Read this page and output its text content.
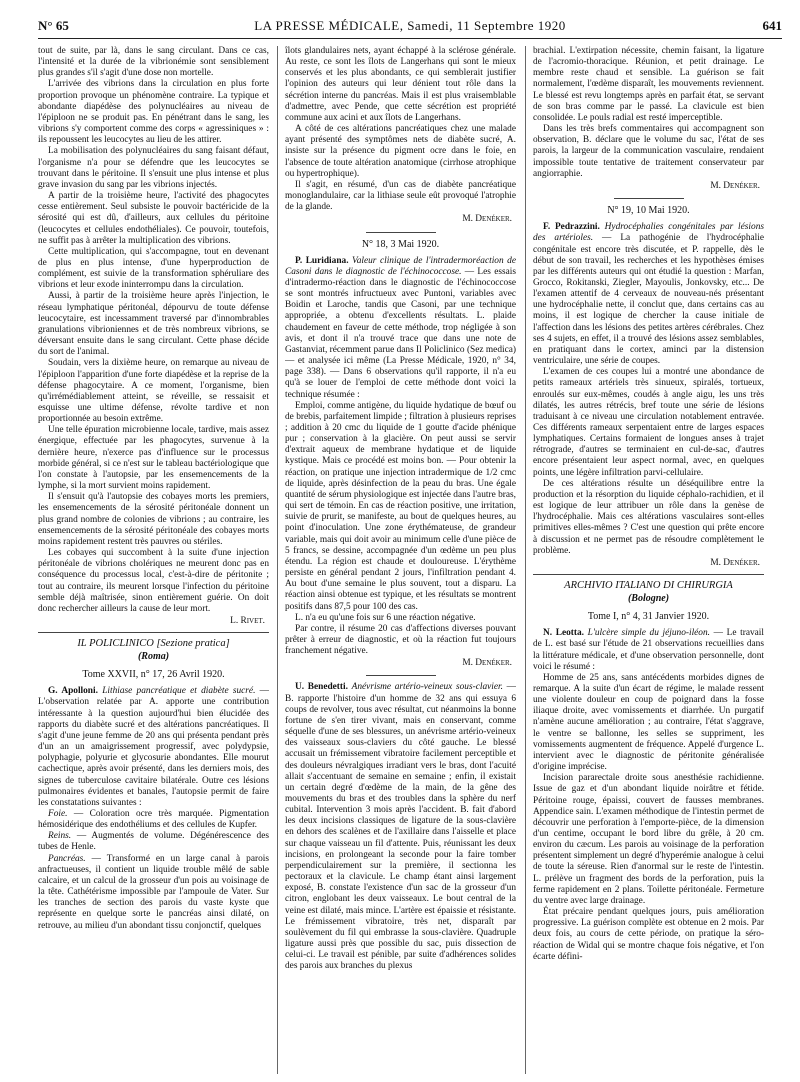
N° 65	LA PRESSE MÉDICALE, Samedi, 11 Septembre 1920	641

tout de suite, par là, dans le sang circulant. Dans ce cas, l'intensité et la durée de la vibrionémie sont sensiblement plus grandes s'il s'agit d'une dose non mortelle.

L'arrivée des vibrions dans la circulation en plus forte proportion provoque un phénomène contraire. La typique et abondante diapédèse des polynucléaires au niveau de l'épiploon ne se produit pas. En pénétrant dans le sang, les vibrions s'y comportent comme des corps « agressiniques » : ils repoussent les leucocytes au lieu de les attirer.

La mobilisation des polynucléaires du sang faisant défaut, l'organisme n'a pour se défendre que les leucocytes se trouvant dans le péritoine. Il s'ensuit une plus intense et plus grave invasion du sang par les vibrions injectés.

A partir de la troisième heure, l'activité des phagocytes cesse entièrement. Seul subsiste le pouvoir bactéricide de la sérosité qui est dû, d'ailleurs, aux cellules du péritoine (leucocytes et cellules endothéliales). Ce pouvoir, toutefois, ne suffit pas à arrêter la multiplication des vibrions.

Cette multiplication, qui s'accompagne, tout en devenant de plus en plus intense, d'une hyperproduction de complément, est suivie de la transformation sphéruliare des vibrions et leur exode ininterrompu dans la circulation.

Aussi, à partir de la troisième heure après l'injection, le réseau lymphatique péritonéal, dépourvu de toute défense leucocytaire, est incessamment traversé par d'innombrables granulations vibrioniennes et de très nombreux vibrions, se déversant ensuite dans le sang circulant. Cette phase décide du sort de l'animal.

Soudain, vers la dixième heure, on remarque au niveau de l'épiploon l'apparition d'une forte diapédèse et la reprise de la défense phagocytaire. A ce moment, l'organisme, bien qu'irrémédiablement atteint, se réveille, se ressaisit et esquisse une ultime défense, révolte tardive et non proportionnée au besoin extrême.

Une telle épuration microbienne locale, tardive, mais assez énergique, effectuée par les phagocytes, survenue à la dernière heure, n'exerce pas d'influence sur le processus morbide général, si ce n'est sur le tableau bactériologique que l'on constate à l'autopsie, par les ensemencements de la lymphe, si la mort survient moins rapidement.

Il s'ensuit qu'à l'autopsie des cobayes morts les premiers, les ensemencements de la sérosité péritonéale donnent un plus grand nombre de colonies de vibrions ; au contraire, les ensemencements de la sérosité péritonéale des cobayes morts moins rapidement restent très pauvres ou stériles.

Les cobayes qui succombent à la suite d'une injection péritonéale de vibrions cholériques ne meurent donc pas en conséquence du processus local, c'est-à-dire de péritonite ; tout au contraire, ils meurent lorsque l'infection du péritoine semble déjà maîtrisée, sinon entièrement guérie. On doit donc rechercher ailleurs la cause de leur mort.

L. Rivet.
IL POLICLINICO [Sezione pratica]
(Roma)
Tome XXVII, n° 17, 26 Avril 1920.

G. Apolloni. Lithiase pancréatique et diabète sucré. — L'observation relatée par A. apporte une contribution intéressante à la question aujourd'hui bien élucidée des rapports du diabète sucré et des altérations pancréatiques. Il s'agit d'une jeune femme de 20 ans qui présenta pendant près d'un an un amaigrissement progressif, avec polydypsie, polyphagie, polyurie et glycosurie abondantes. Elle mourut cachectique, après avoir présenté, dans les derniers mois, des signes de tuberculose cavitaire bilatérale. Outre ces lésions pulmonaires évidentes et banales, l'autopsie permit de faire les constatations suivantes :

Foie. — Coloration ocre très marquée. Pigmentation hémosidérique des endothéliums et des cellules de Kupfer.

Reins. — Augmentés de volume. Dégénérescence des tubes de Henle.

Pancréas. — Transformé en un large canal à parois anfractueuses, il contient un liquide trouble mêlé de sable calcaire, et un calcul de la grosseur d'un pois au voisinage de la tête. Cathétérisme impossible par l'ampoule de Vater. Sur les tranches de section des parois du vaste kyste que représente en quelque sorte le pancréas ainsi dilaté, on retrouve, au milieu d'un abondant tissu conjonctif, quelques

îlots glandulaires nets, ayant échappé à la sclérose générale. Au reste, ce sont les îlots de Langerhans qui sont le mieux conservés et les plus abondants, ce qui semblerait justifier l'opinion des auteurs qui leur dénient tout rôle dans la sécrétion interne du pancréas. Mais il est plus vraisemblable d'admettre, avec Pende, que cette sécrétion est propriété commune aux acini et aux îlots de Langerhans.

A côté de ces altérations pancréatiques chez une malade ayant présenté des symptômes nets de diabète sucré, A. insiste sur la présence du pigment ocre dans le foie, en l'absence de toute altération anatomique (cirrhose atrophique ou hypertrophique).

Il s'agit, en résumé, d'un cas de diabète pancréatique monoglandulaire, car la lithiase seule eût provoqué l'atrophie de la glande.

M. Denéker.
N° 18, 3 Mai 1920.

P. Luridiana. Valeur clinique de l'intradermoréaction de Casoni dans le diagnostic de l'échinococcose. — Les essais d'intradermo-réaction dans le diagnostic de l'échinococcose se sont montrés infructueux avec Puntoni, variables avec Boidin et Laroche, tandis que Casoni, par une technique appropriée, a obtenu d'excellents résultats. L. plaide chaudement en faveur de cette méthode, trop négligée à son avis, et dont il n'a trouvé trace que dans une note de Gastanviat, récemment parue dans Il Policlinico (Sez medica) — et analysée ici même (La Presse Médicale, 1920, n° 34, page 338). — Dans 6 observations qu'il rapporte, il n'a eu qu'à se louer de l'emploi de cette méthode dont voici la technique résumée :

Emploi, comme antigène, du liquide hydatique de bœuf ou de brebis, parfaitement limpide ; filtration à plusieurs reprises ; addition à 20 cmc du liquide de 1 goutte d'acide phénique pur ; conservation à la glacière. On peut aussi se servir d'extrait aqueux de membrane hydatique et de liquide kystique. Mais ce procédé est moins bon. — Pour obtenir la réaction, on pratique une injection intradermique de 1/2 cmc de liquide, après désinfection de la peau du bras. Une égale quantité de sérum physiologique est injectée dans l'autre bras, qui sert de témoin. En cas de réaction positive, une irritation, suivie de prurit, se manifeste, au bout de quelques heures, au point d'inoculation. Une zone érythémateuse, de grandeur variable, mais qui doit avoir au minimum celle d'une pièce de 5 francs, se dessine, accompagnée d'un œdème un peu plus étendu. La région est chaude et douloureuse. L'érythème persiste en général pendant 2 jours, l'infiltration pendant 4. Au bout d'une semaine le plus souvent, tout a disparu. La réaction ainsi obtenue est typique, et les résultats se montrent positifs dans 87,5 pour 100 des cas.

L. n'a eu qu'une fois sur 6 une réaction négative.

Par contre, il résume 20 cas d'affections diverses pouvant prêter à erreur de diagnostic, et où la réaction fut toujours franchement négative.

M. Denéker.

U. Benedetti. Anévrisme artério-veineux sous-clavier. — B. rapporte l'histoire d'un homme de 32 ans qui essuya 6 coups de revolver, tous avec résultat, cut néanmoins la bonne fortune de s'en tirer vivant, mais en conservant, comme séquelle d'une de ses blessures, un anévrisme artério-veineux des vaisseaux sous-claviers du côté gauche. Le blessé accusait un frémissement vibratoire facilement perceptible et des douleurs névralgiques irradiant vers le bras, dont l'acuité allait s'accentuant de semaine en semaine ; enfin, il existait un certain degré d'œdème de la main, de la gêne des mouvements du bras et des troubles dans la sphère du nerf cubital. Intervention 3 mois après l'accident. B. fait d'abord les deux incisions classiques de ligature de la sous-clavière en dehors des scalènes et de l'axillaire dans l'aisselle et place sur chaque vaisseau un fil d'attente. Puis, réunissant les deux incisions, en prolongeant la seconde pour la faire tomber perpendiculairement sur la première, il sectionna les pectoraux et la clavicule. Le champ étant ainsi largement exposé, B. constate l'existence d'un sac de la grosseur d'un citron, englobant les deux vaisseaux. Le bout central de la veine est dilaté, mais mince. L'artère est épaissie et résistante. Le frémissement vibratoire, très net, disparaît par soulèvement du fil qui embrasse la sous-clavière. Quadruple ligature aussi près que possible du sac, puis dissection de celui-ci. Le travail est pénible, par suite d'adhérences solides des parois aux branches du plexus

brachial. L'extirpation nécessite, chemin faisant, la ligature de l'acromio-thoracique. Réunion, et petit drainage. Le membre reste chaud et sensible. La guérison se fait normalement, l'œdème disparaît, les mouvements reviennent. Le blessé est revu longtemps après en parfait état, se servant de son bras comme par le passé. La clavicule est bien consolidée. Le pouls radial est resté imperceptible.

Dans les très brefs commentaires qui accompagnent son observation, B. déclare que le volume du sac, l'état de ses parois, la largeur de la communication vasculaire, rendaient impossible toute tentative de traitement conservateur par angiorraphie.

M. Denéker.
N° 19, 10 Mai 1920.

F. Pedrazzini. Hydrocéphalies congénitales par lésions des artérioles. — La pathogénie de l'hydrocéphalie congénitale est encore très discutée, et P. rappelle, dès le début de son travail, les recherches et les hypothèses émises par les différents auteurs qui ont étudié la question : Marfan, Grocco, Rokitanski, Ziegler, Mayoulis, Jonkovsky, etc... De l'examen attentif de 4 cerveaux de nouveau-nés présentant une hydrocéphalie nette, il conclut que, dans certains cas au moins, il est logique de chercher la cause initiale de l'affection dans les lésions des petites artères cérébrales. Chez ses 4 sujets, en effet, il a trouvé des lésions assez semblables, en pratiquant dans le cortex, aminci par la distension ventriculaire, une série de coupes.

L'examen de ces coupes lui a montré une abondance de petits rameaux artériels très sinueux, spiralés, tortueux, enroulés sur eux-mêmes, coudés à angle aigu, les uns très dilatés, les autres rétrécis, bref toute une série de lésions traduisant à ce niveau une circulation notablement entravée. Ces différents rameaux serpentaient entre de larges espaces lymphatiques. Certains formaient de longues anses à trajet rétrograde, d'autres se terminaient en cul-de-sac, d'autres encore présentaient leur aspect normal, avec, en quelques points, une légère infiltration parvi-cellulaire.

De ces altérations résulte un déséquilibre entre la production et la résorption du liquide céphalo-rachidien, et il est logique de leur attribuer un rôle dans la genèse de l'hydrocéphalie. Mais ces altérations vasculaires sont-elles primitives elles-mêmes ? C'est une question qui prête encore à discussion et ne permet pas de résoudre complètement le problème.

M. Denéker.
ARCHIVIO ITALIANO DI CHIRURGIA
(Bologne)
Tome I, n° 4, 31 Janvier 1920.

N. Leotta. L'ulcère simple du jéjuno-iléon. — Le travail de L. est basé sur l'étude de 21 observations recueillies dans la littérature médicale, et d'une observation personnelle, dont voici le résumé :

Homme de 25 ans, sans antécédents morbides dignes de remarque. A la suite d'un écart de régime, le malade ressent une violente douleur en coup de poignard dans la fosse iliaque droite, avec vomissements et diarrhée. Un purgatif n'amène aucune amélioration ; au contraire, l'état s'aggrave, le ventre se ballonne, les selles se suppriment, les vomissements augmentent de fréquence. Appelé d'urgence L. intervient avec le diagnostic de péritonite généralisée d'origine imprécise.

Incision pararectale droite sous anesthésie rachidienne. Issue de gaz et d'un abondant liquide noirâtre et fétide. Péritoine rouge, épaissi, couvert de fausses membranes. Appendice sain. L'examen méthodique de l'intestin permet de découvrir une perforation à l'emporte-pièce, de la dimension d'un centime, occupant le bord libre du grêle, à 20 cm. environ du cæcum. Les parois au voisinage de la perforation présentent simplement un degré d'hyperémie analogue à celui de toute la séreuse. Rien d'anormal sur le reste de l'intestin. L. prélève un fragment des bords de la perforation, puis la ferme rapidement en 2 plans. Toilette péritonéale. Fermeture du ventre avec large drainage.

État précaire pendant quelques jours, puis amélioration progressive. La guérison complète est obtenue en 2 mois. Par deux fois, au cours de cette période, on pratique la séro-réaction de Widal qui se montre chaque fois négative, et l'on écarte défini-
